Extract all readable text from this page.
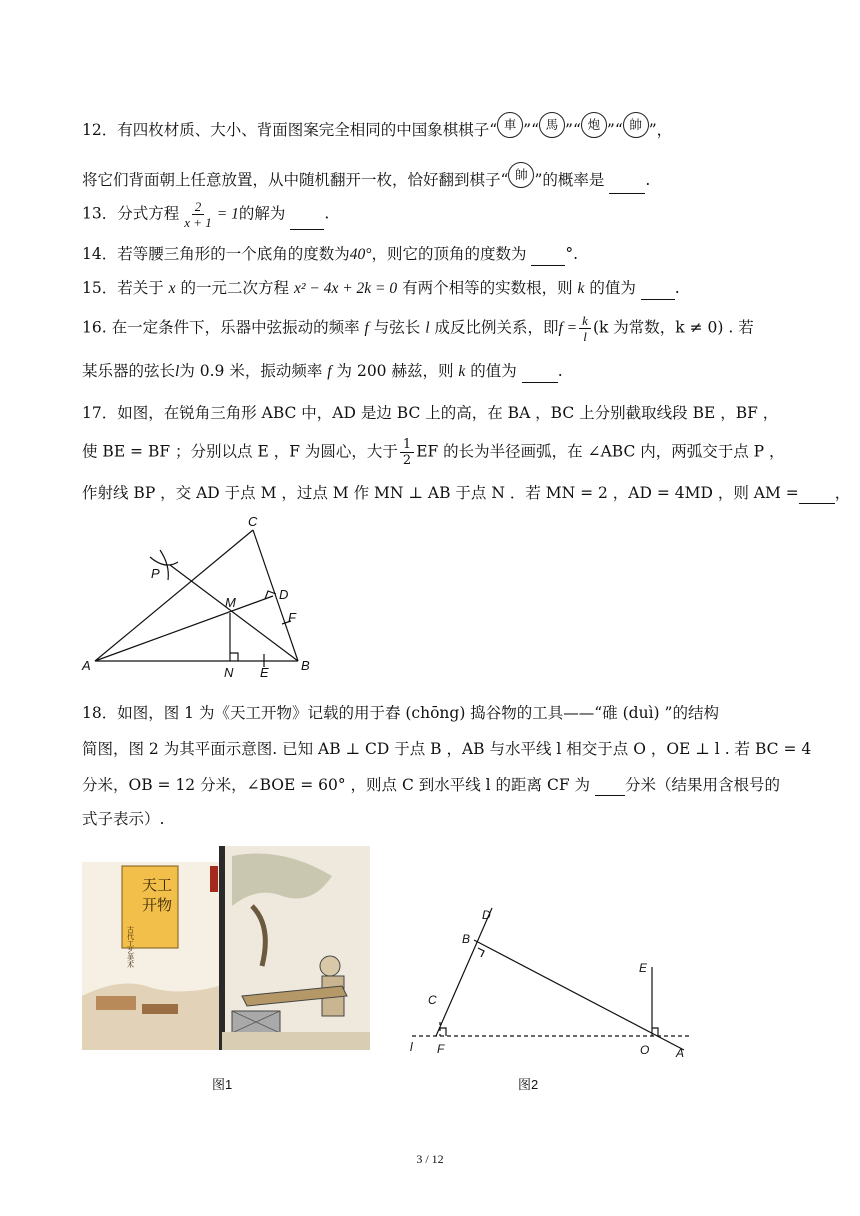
12．有四枚材质、大小、背面图案完全相同的中国象棋棋子“ 車 ”“ 馬 ”“ 炮 ”“ 帥 ”，
将它们背面朝上任意放置，从中随机翻开一枚，恰好翻到棋子“ 帥 ”的概率是	.
13．分式方程 $\frac{2}{x + 1} = 1$的解为	.
14．若等腰三角形的一个底角的度数为40°，则它的顶角的度数为	°.
15．若关于 x 的一元二次方程 x² − 4x + 2k = 0 有两个相等的实数根，则 k 的值为	.
16. 在一定条件下，乐器中弦振动的频率 f 与弦长 l 成反比例关系，即$f = \frac{k}{l} (k$ 为常数，k ≠ 0) . 若
某乐器的弦长l为 0.9 米，振动频率 f 为 200 赫兹，则 k 的值为	.
17．如图，在锐角三角形 ABC 中，AD 是边 BC 上的高，在 BA ，BC 上分别截取线段 BE ，BF ，
使 BE = BF ；分别以点 E ，F 为圆心，大于 $\frac{1}{2}$ EF 的长为半径画弧，在 ∠ABC 内，两弧交于点 P ，
作射线 BP ，交 AD 于点 M ，过点 M 作 MN ⊥ AB 于点 N ．若 MN = 2 ，AD = 4MD ，则 AM = ，
A	B
C
D
E
F
M
N
P
18．如图，图 1 为《天工开物》记载的用于舂 (chōng) 捣谷物的工具——“碓 (duì) ”的结构
简图，图 2 为其平面示意图. 已知 AB ⊥ CD 于点 B ，AB 与水平线 l 相交于点 O ，OE ⊥ l . 若 BC = 4
分米，OB = 12 分米，∠BOE = 60° ，则点 C 到水平线 l 的距离 CF 为 分米（结果用含根号的
式子表示）.
天工
开物
古代工艺美术
图1
D
B
C
E
l F	O A
图2
3 / 12
